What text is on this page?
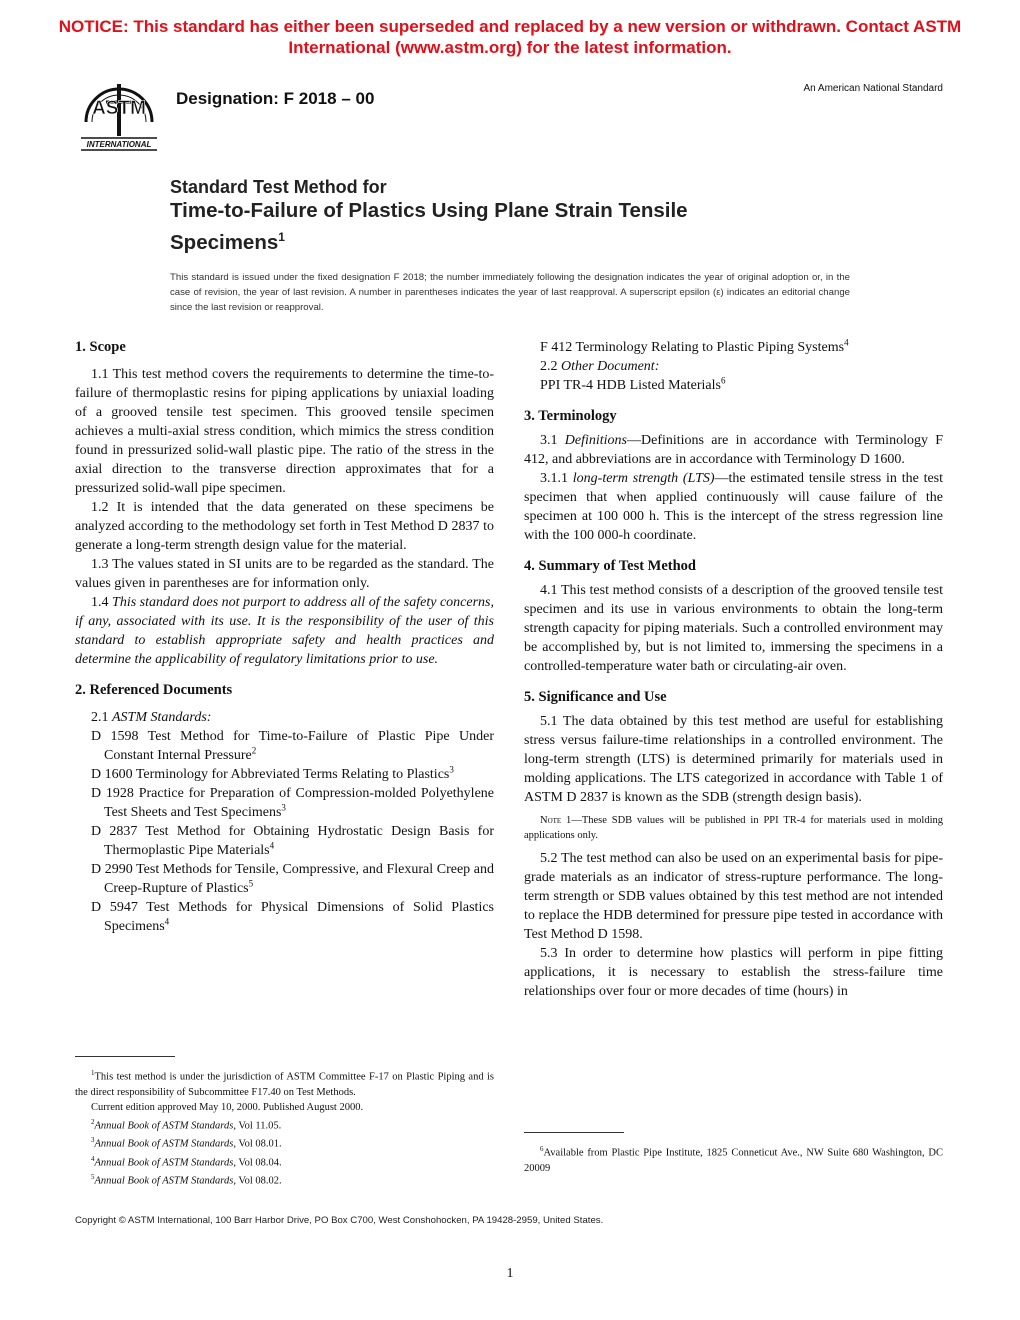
NOTICE: This standard has either been superseded and replaced by a new version or withdrawn. Contact ASTM
International (www.astm.org) for the latest information.
ASTM
INTERNATIONAL
Designation: F 2018 – 00
An American National Standard
Standard Test Method for
Time-to-Failure of Plastics Using Plane Strain Tensile
Specimens$^1$
This standard is issued under the fixed designation F 2018; the number immediately following the designation indicates the year of original adoption or, in the case of revision, the year of last revision. A number in parentheses indicates the year of last reapproval. A superscript epsilon (ε) indicates an editorial change since the last revision or reapproval.
1. Scope

1.1 This test method covers the requirements to determine the time-to-failure of thermoplastic resins for piping applications by uniaxial loading of a grooved tensile test specimen. This grooved tensile specimen achieves a multi-axial stress condition, which mimics the stress condition found in pressurized solid-wall plastic pipe. The ratio of the stress in the axial direction to the transverse direction approximates that for a pressurized solid-wall pipe specimen.

1.2 It is intended that the data generated on these specimens be analyzed according to the methodology set forth in Test Method D 2837 to generate a long-term strength design value for the material.

1.3 The values stated in SI units are to be regarded as the standard. The values given in parentheses are for information only.

1.4 This standard does not purport to address all of the safety concerns, if any, associated with its use. It is the responsibility of the user of this standard to establish appropriate safety and health practices and determine the applicability of regulatory limitations prior to use.

2. Referenced Documents

2.1 ASTM Standards:

D 1598 Test Method for Time-to-Failure of Plastic Pipe Under Constant Internal Pressure$^2$

D 1600 Terminology for Abbreviated Terms Relating to Plastics$^3$

D 1928 Practice for Preparation of Compression-molded Polyethylene Test Sheets and Test Specimens$^3$

D 2837 Test Method for Obtaining Hydrostatic Design Basis for Thermoplastic Pipe Materials$^4$

D 2990 Test Methods for Tensile, Compressive, and Flexural Creep and Creep-Rupture of Plastics$^5$

D 5947 Test Methods for Physical Dimensions of Solid Plastics Specimens$^4$

$^1$This test method is under the jurisdiction of ASTM Committee F-17 on Plastic Piping and is the direct responsibility of Subcommittee F17.40 on Test Methods.

Current edition approved May 10, 2000. Published August 2000.

$^2$Annual Book of ASTM Standards, Vol 11.05.

$^3$Annual Book of ASTM Standards, Vol 08.01.

$^4$Annual Book of ASTM Standards, Vol 08.04.

$^5$Annual Book of ASTM Standards, Vol 08.02.

F 412 Terminology Relating to Plastic Piping Systems$^4$

2.2 Other Document:

PPI TR-4 HDB Listed Materials$^6$

3. Terminology

3.1 Definitions—Definitions are in accordance with Terminology F 412, and abbreviations are in accordance with Terminology D 1600.

3.1.1 long-term strength (LTS)—the estimated tensile stress in the test specimen that when applied continuously will cause failure of the specimen at 100 000 h. This is the intercept of the stress regression line with the 100 000-h coordinate.

4. Summary of Test Method

4.1 This test method consists of a description of the grooved tensile test specimen and its use in various environments to obtain the long-term strength capacity for piping materials. Such a controlled environment may be accomplished by, but is not limited to, immersing the specimens in a controlled-temperature water bath or circulating-air oven.

5. Significance and Use

5.1 The data obtained by this test method are useful for establishing stress versus failure-time relationships in a controlled environment. The long-term strength (LTS) is determined primarily for materials used in molding applications. The LTS categorized in accordance with Table 1 of ASTM D 2837 is known as the SDB (strength design basis).

Note 1—These SDB values will be published in PPI TR-4 for materials used in molding applications only.

5.2 The test method can also be used on an experimental basis for pipe-grade materials as an indicator of stress-rupture performance. The long-term strength or SDB values obtained by this test method are not intended to replace the HDB determined for pressure pipe tested in accordance with Test Method D 1598.

5.3 In order to determine how plastics will perform in pipe fitting applications, it is necessary to establish the stress-failure time relationships over four or more decades of time (hours) in

$^6$Available from Plastic Pipe Institute, 1825 Conneticut Ave., NW Suite 680 Washington, DC 20009

Copyright © ASTM International, 100 Barr Harbor Drive, PO Box C700, West Conshohocken, PA 19428-2959, United States.
1
